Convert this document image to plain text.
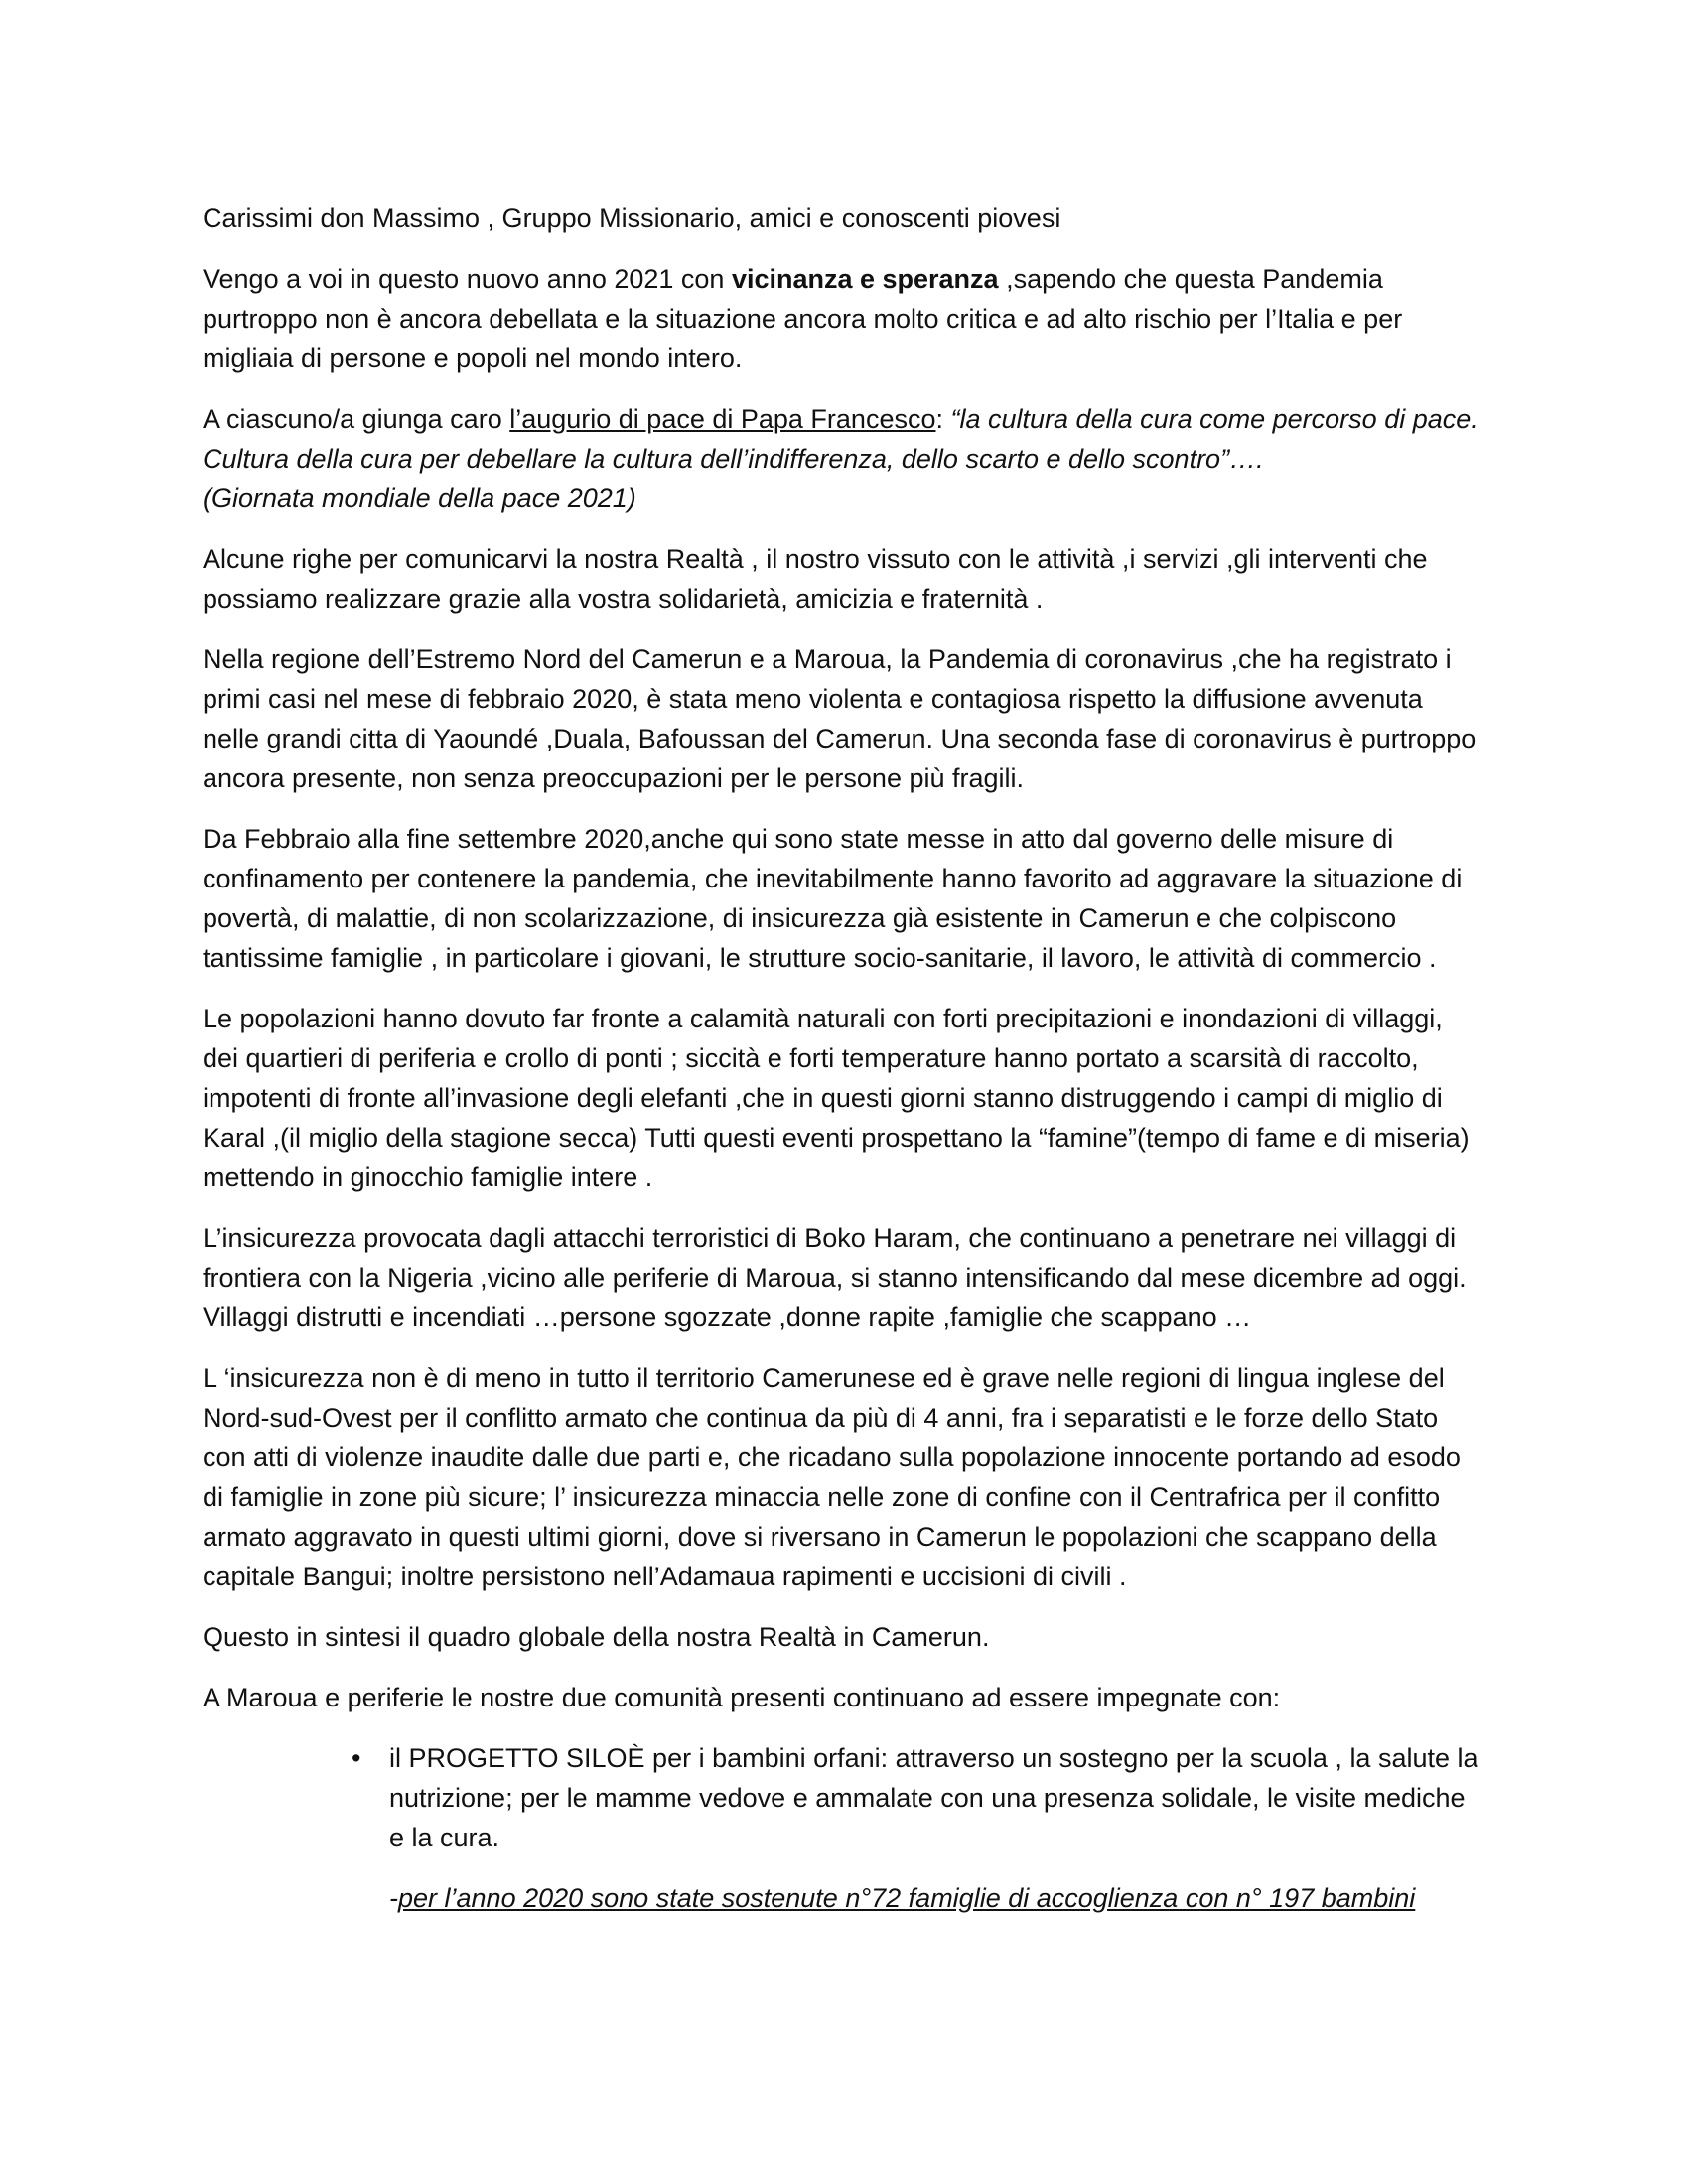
Carissimi don Massimo , Gruppo Missionario, amici e conoscenti piovesi

Vengo a voi in questo nuovo anno 2021 con vicinanza e speranza ,sapendo che questa Pandemia purtroppo non è ancora debellata e la situazione ancora molto critica e ad alto rischio per l’Italia e per migliaia di persone e popoli nel mondo intero.

A ciascuno/a giunga caro l’augurio di pace di Papa Francesco: “la cultura della cura come percorso di pace. Cultura della cura per debellare la cultura dell’indifferenza, dello scarto e dello scontro”….
(Giornata mondiale della pace 2021)

Alcune righe per comunicarvi la nostra Realtà , il nostro vissuto con le attività ,i servizi ,gli interventi che possiamo realizzare grazie alla vostra solidarietà, amicizia e fraternità .

Nella regione dell’Estremo Nord del Camerun e a Maroua, la Pandemia di coronavirus ,che ha registrato i primi casi nel mese di febbraio 2020, è stata meno violenta e contagiosa rispetto la diffusione avvenuta nelle grandi citta di Yaoundé ,Duala, Bafoussan del Camerun. Una seconda fase di coronavirus è purtroppo ancora presente, non senza preoccupazioni per le persone più fragili.

Da Febbraio alla fine settembre 2020,anche qui sono state messe in atto dal governo delle misure di confinamento per contenere la pandemia, che inevitabilmente hanno favorito ad aggravare la situazione di povertà, di malattie, di non scolarizzazione, di insicurezza già esistente in Camerun e che colpiscono tantissime famiglie , in particolare i giovani, le strutture socio-sanitarie, il lavoro, le attività di commercio .

Le popolazioni hanno dovuto far fronte a calamità naturali con forti precipitazioni e inondazioni di villaggi, dei quartieri di periferia e crollo di ponti ; siccità e forti temperature hanno portato a scarsità di raccolto, impotenti di fronte all’invasione degli elefanti ,che in questi giorni stanno distruggendo i campi di miglio di Karal ,(il miglio della stagione secca) Tutti questi eventi prospettano la “famine”(tempo di fame e di miseria) mettendo in ginocchio famiglie intere .

L’insicurezza provocata dagli attacchi terroristici di Boko Haram, che continuano a penetrare nei villaggi di frontiera con la Nigeria ,vicino alle periferie di Maroua, si stanno intensificando dal mese dicembre ad oggi. Villaggi distrutti e incendiati …persone sgozzate ,donne rapite ,famiglie che scappano …

L ‘insicurezza non è di meno in tutto il territorio Camerunese ed è grave nelle regioni di lingua inglese del Nord-sud-Ovest per il conflitto armato che continua da più di 4 anni, fra i separatisti e le forze dello Stato con atti di violenze inaudite dalle due parti e, che ricadano sulla popolazione innocente portando ad esodo di famiglie in zone più sicure; l’ insicurezza minaccia nelle zone di confine con il Centrafrica per il confitto armato aggravato in questi ultimi giorni, dove si riversano in Camerun le popolazioni che scappano della capitale Bangui; inoltre persistono nell’Adamaua rapimenti e uccisioni di civili .

Questo in sintesi il quadro globale della nostra Realtà in Camerun.

A Maroua e periferie le nostre due comunità presenti continuano ad essere impegnate con:

• il PROGETTO SILOÈ per i bambini orfani: attraverso un sostegno per la scuola , la salute la nutrizione; per le mamme vedove e ammalate con una presenza solidale, le visite mediche e la cura.

-per l’anno 2020 sono state sostenute n°72 famiglie di accoglienza con n° 197 bambini
